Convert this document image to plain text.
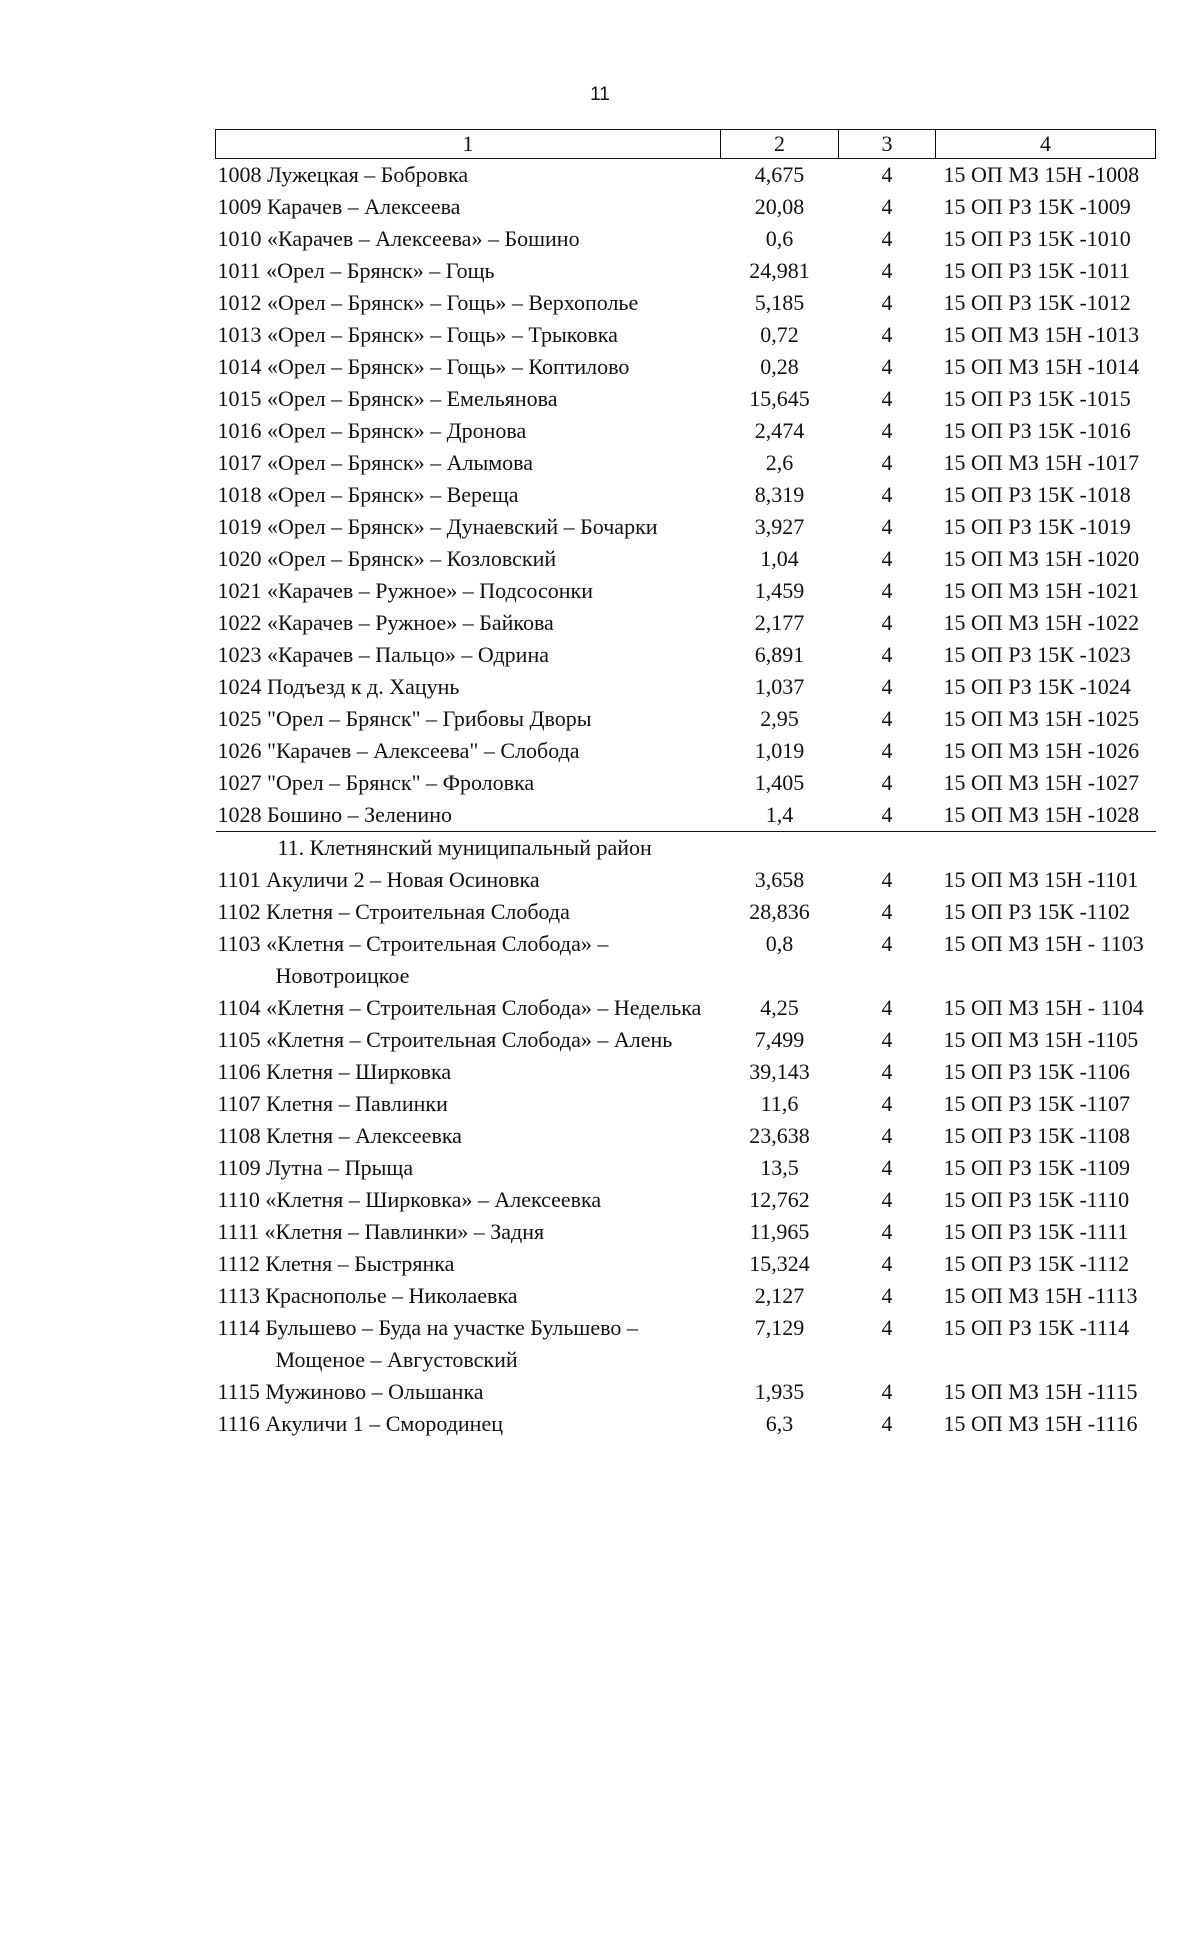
11
1	2	3	4

1008 Лужецкая – Бобровка	4,675	4	15 ОП МЗ 15Н -1008

1009 Карачев – Алексеева	20,08	4	15 ОП РЗ 15К -1009

1010 «Карачев – Алексеева» – Бошино	0,6	4	15 ОП РЗ 15К -1010

1011 «Орел – Брянск» – Гощь	24,981	4	15 ОП РЗ 15К -1011

1012 «Орел – Брянск» – Гощь» – Верхополье	5,185	4	15 ОП РЗ 15К -1012

1013 «Орел – Брянск» – Гощь» – Трыковка	0,72	4	15 ОП МЗ 15Н -1013

1014 «Орел – Брянск» – Гощь» – Коптилово	0,28	4	15 ОП МЗ 15Н -1014

1015 «Орел – Брянск» – Емельянова	15,645	4	15 ОП РЗ 15К -1015

1016 «Орел – Брянск» – Дронова	2,474	4	15 ОП РЗ 15К -1016

1017 «Орел – Брянск» – Алымова	2,6	4	15 ОП МЗ 15Н -1017

1018 «Орел – Брянск» – Вереща	8,319	4	15 ОП РЗ 15К -1018

1019 «Орел – Брянск» – Дунаевский – Бочарки	3,927	4	15 ОП РЗ 15К -1019

1020 «Орел – Брянск» – Козловский	1,04	4	15 ОП МЗ 15Н -1020

1021 «Карачев – Ружное» – Подсосонки	1,459	4	15 ОП МЗ 15Н -1021

1022 «Карачев – Ружное» – Байкова	2,177	4	15 ОП МЗ 15Н -1022

1023 «Карачев – Пальцо» – Одрина	6,891	4	15 ОП РЗ 15К -1023

1024 Подъезд к д. Хацунь	1,037	4	15 ОП РЗ 15К -1024

1025 "Орел – Брянск" – Грибовы Дворы	2,95	4	15 ОП МЗ 15Н -1025

1026 "Карачев – Алексеева" – Слобода	1,019	4	15 ОП МЗ 15Н -1026

1027 "Орел – Брянск" – Фроловка	1,405	4	15 ОП МЗ 15Н -1027

1028 Бошино – Зеленино	1,4	4	15 ОП МЗ 15Н -1028
11. Клетнянский муниципальный район			

1101 Акуличи 2 – Новая Осиновка	3,658	4	15 ОП МЗ 15Н -1101

1102 Клетня – Строительная Слобода	28,836	4	15 ОП РЗ 15К -1102

1103 «Клетня – Строительная Слобода» – Новотроицкое	0,8	4	15 ОП МЗ 15Н - 1103

1104 «Клетня – Строительная Слобода» – Неделька	4,25	4	15 ОП МЗ 15Н - 1104

1105 «Клетня – Строительная Слобода» – Алень	7,499	4	15 ОП МЗ 15Н -1105

1106 Клетня – Ширковка	39,143	4	15 ОП РЗ 15К -1106

1107 Клетня – Павлинки	11,6	4	15 ОП РЗ 15К -1107

1108 Клетня – Алексеевка	23,638	4	15 ОП РЗ 15К -1108

1109 Лутна – Прыща	13,5	4	15 ОП РЗ 15К -1109

1110 «Клетня – Ширковка» – Алексеевка	12,762	4	15 ОП РЗ 15К -1110

1111 «Клетня – Павлинки» – Задня	11,965	4	15 ОП РЗ 15К -1111

1112 Клетня – Быстрянка	15,324	4	15 ОП РЗ 15К -1112

1113 Краснополье – Николаевка	2,127	4	15 ОП МЗ 15Н -1113

1114 Бульшево – Буда на участке Бульшево – Мощеное – Августовский	7,129	4	15 ОП РЗ 15К -1114

1115 Мужиново – Ольшанка	1,935	4	15 ОП МЗ 15Н -1115

1116 Акуличи 1 – Смородинец	6,3	4	15 ОП МЗ 15Н -1116
